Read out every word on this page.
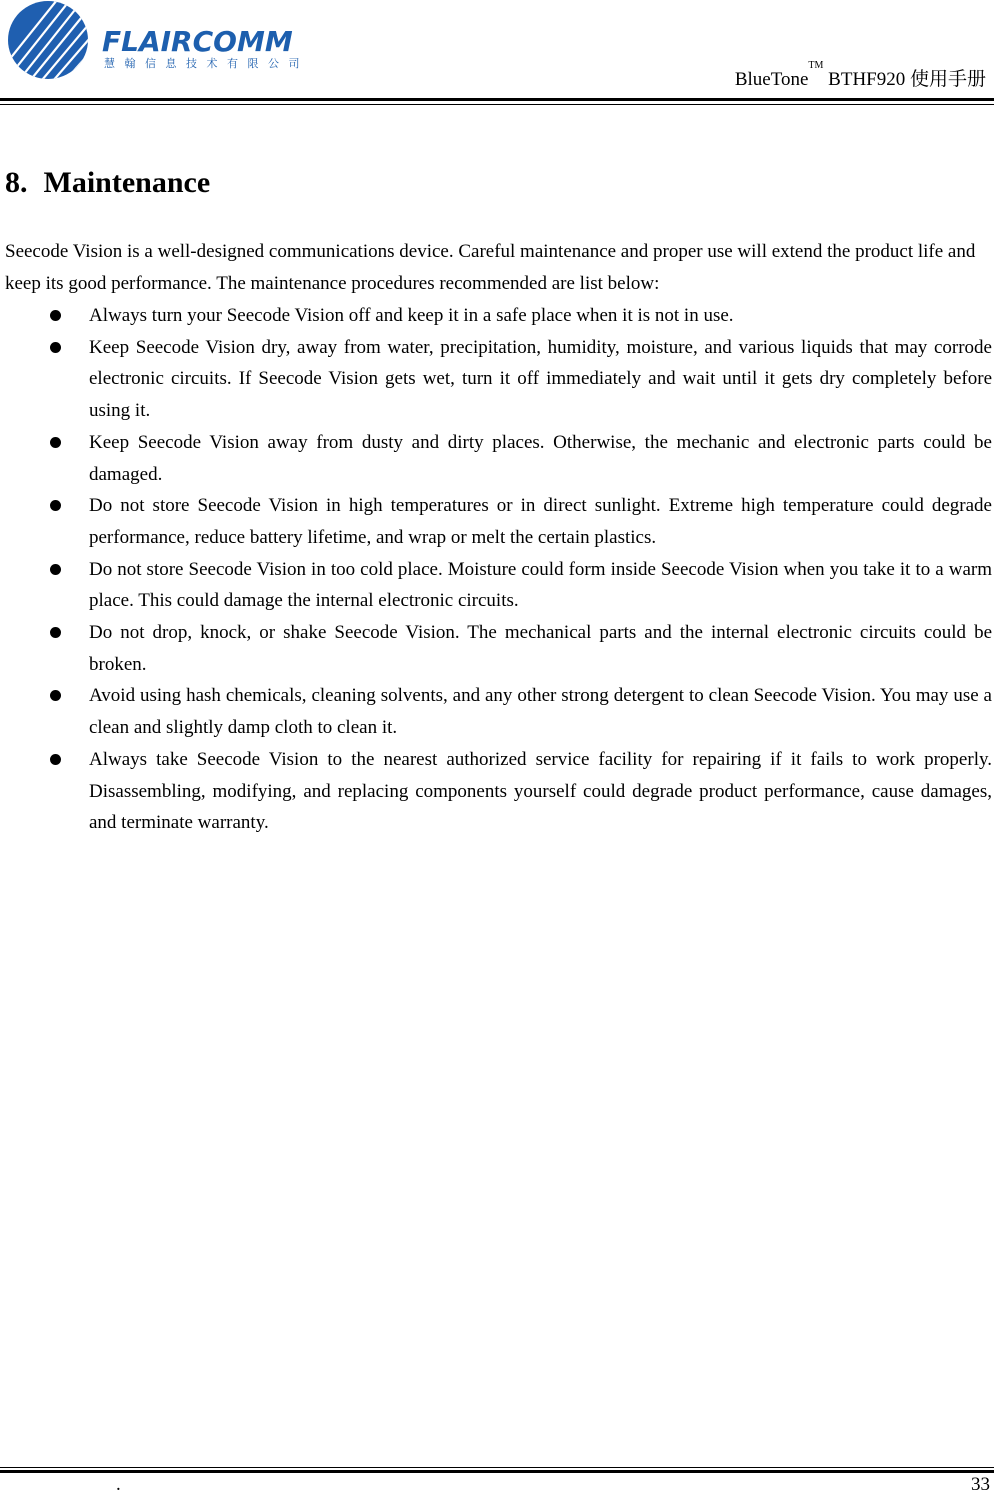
FLAIRCOMM
慧 翰 信 息 技 术 有 限 公 司
BlueTone™ BTHF920 使用手册
8. Maintenance

Seecode Vision is a well-designed communications device. Careful maintenance and proper use will extend the product life and keep its good performance. The maintenance procedures recommended are list below:

Always turn your Seecode Vision off and keep it in a safe place when it is not in use.
Keep Seecode Vision dry, away from water, precipitation, humidity, moisture, and various liquids that may corrode electronic circuits. If Seecode Vision gets wet, turn it off immediately and wait until it gets dry completely before using it.
Keep Seecode Vision away from dusty and dirty places. Otherwise, the mechanic and electronic parts could be damaged.
Do not store Seecode Vision in high temperatures or in direct sunlight. Extreme high temperature could degrade performance, reduce battery lifetime, and wrap or melt the certain plastics.
Do not store Seecode Vision in too cold place. Moisture could form inside Seecode Vision when you take it to a warm place. This could damage the internal electronic circuits.
Do not drop, knock, or shake Seecode Vision. The mechanical parts and the internal electronic circuits could be broken.
Avoid using hash chemicals, cleaning solvents, and any other strong detergent to clean Seecode Vision. You may use a clean and slightly damp cloth to clean it.
Always take Seecode Vision to the nearest authorized service facility for repairing if it fails to work properly. Disassembling, modifying, and replacing components yourself could degrade product performance, cause damages, and terminate warranty.
.	33
